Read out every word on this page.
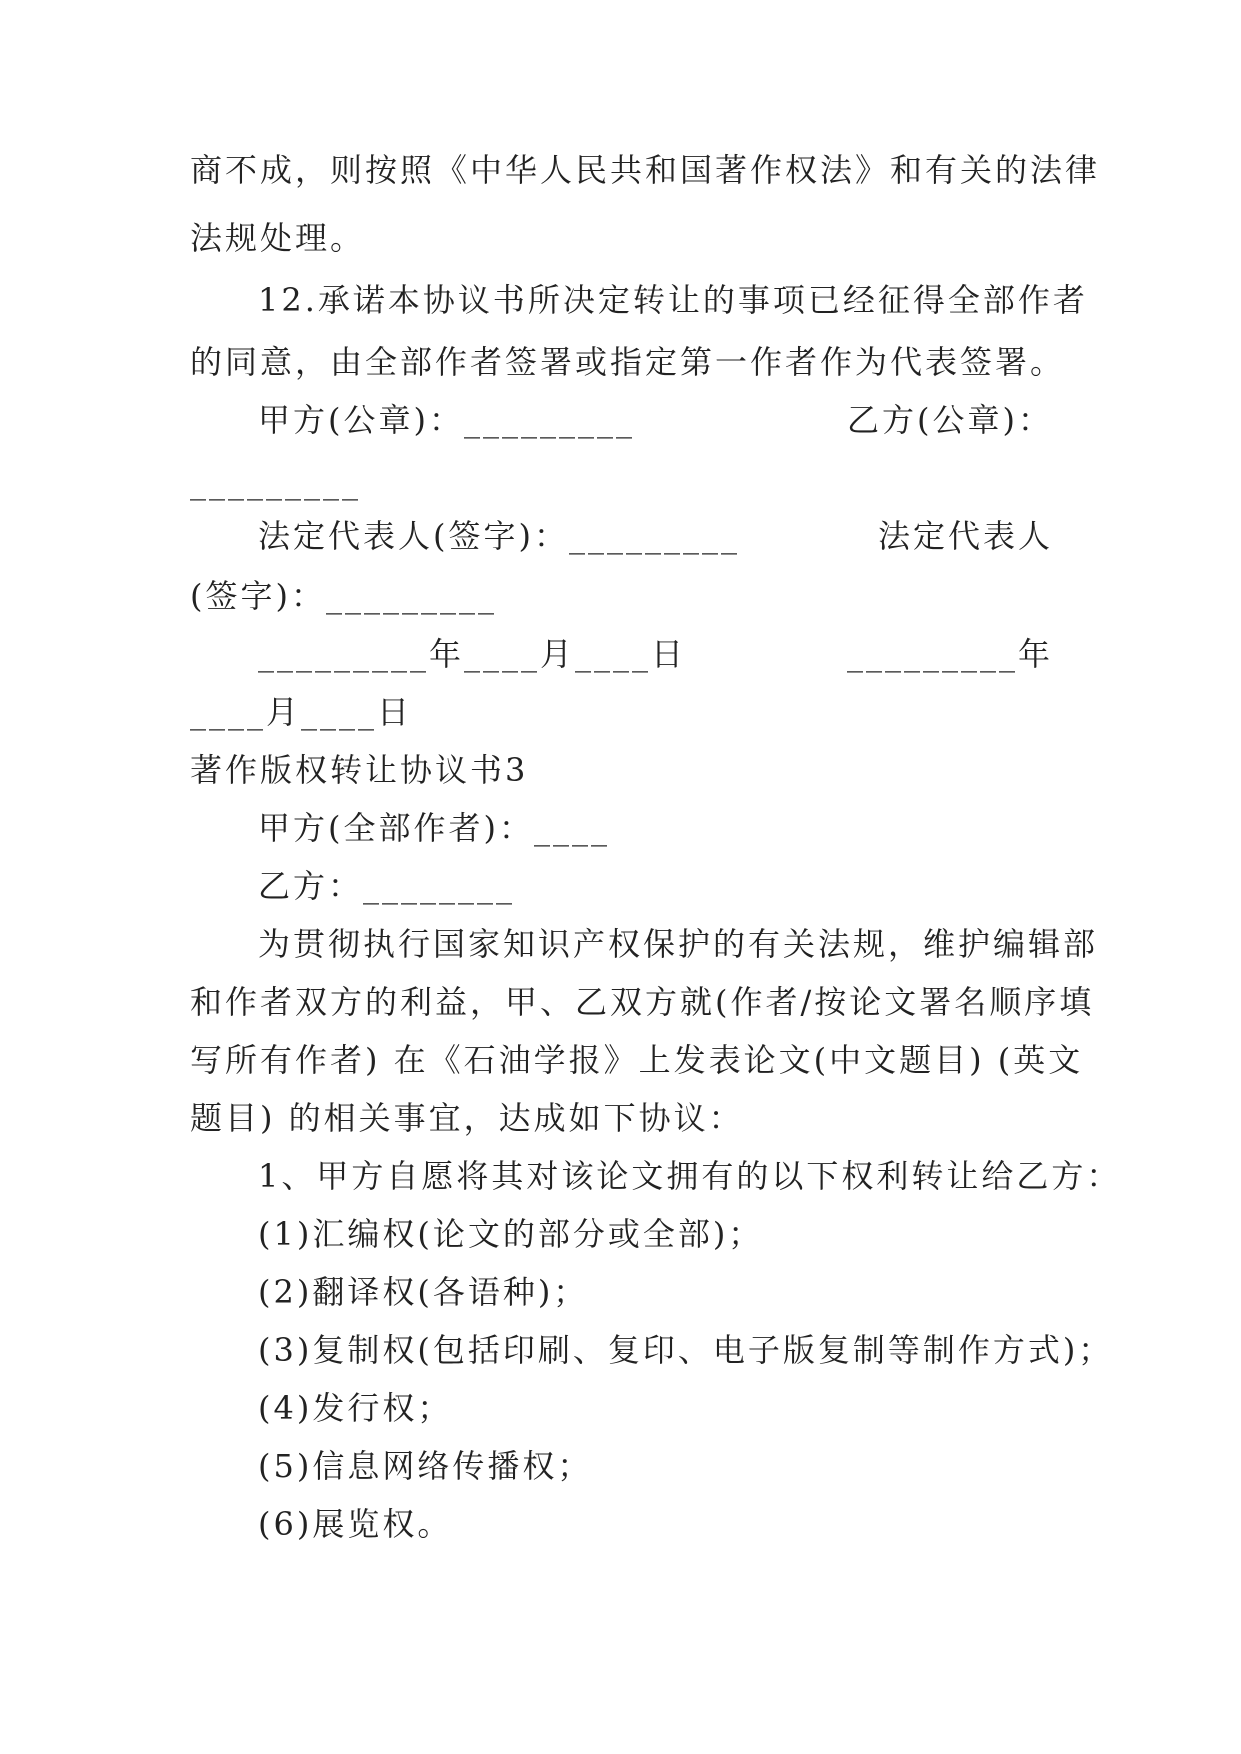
商不成，则按照《中华人民共和国著作权法》和有关的法律
法规处理。
12.承诺本协议书所决定转让的事项已经征得全部作者
的同意，由全部作者签署或指定第一作者作为代表签署。
甲方(公章)：_________	乙方(公章)：
_________
法定代表人(签字)：_________	法定代表人
(签字)：_________
_________年____月____日	_________年
____月____日
著作版权转让协议书3
甲方(全部作者)：____
乙方：________
为贯彻执行国家知识产权保护的有关法规，维护编辑部
和作者双方的利益，甲、乙双方就(作者/按论文署名顺序填
写所有作者) 在《石油学报》上发表论文(中文题目) (英文
题目) 的相关事宜，达成如下协议：
1、甲方自愿将其对该论文拥有的以下权利转让给乙方：
(1)汇编权(论文的部分或全部)；
(2)翻译权(各语种)；
(3)复制权(包括印刷、复印、电子版复制等制作方式)；
(4)发行权；
(5)信息网络传播权；
(6)展览权。
